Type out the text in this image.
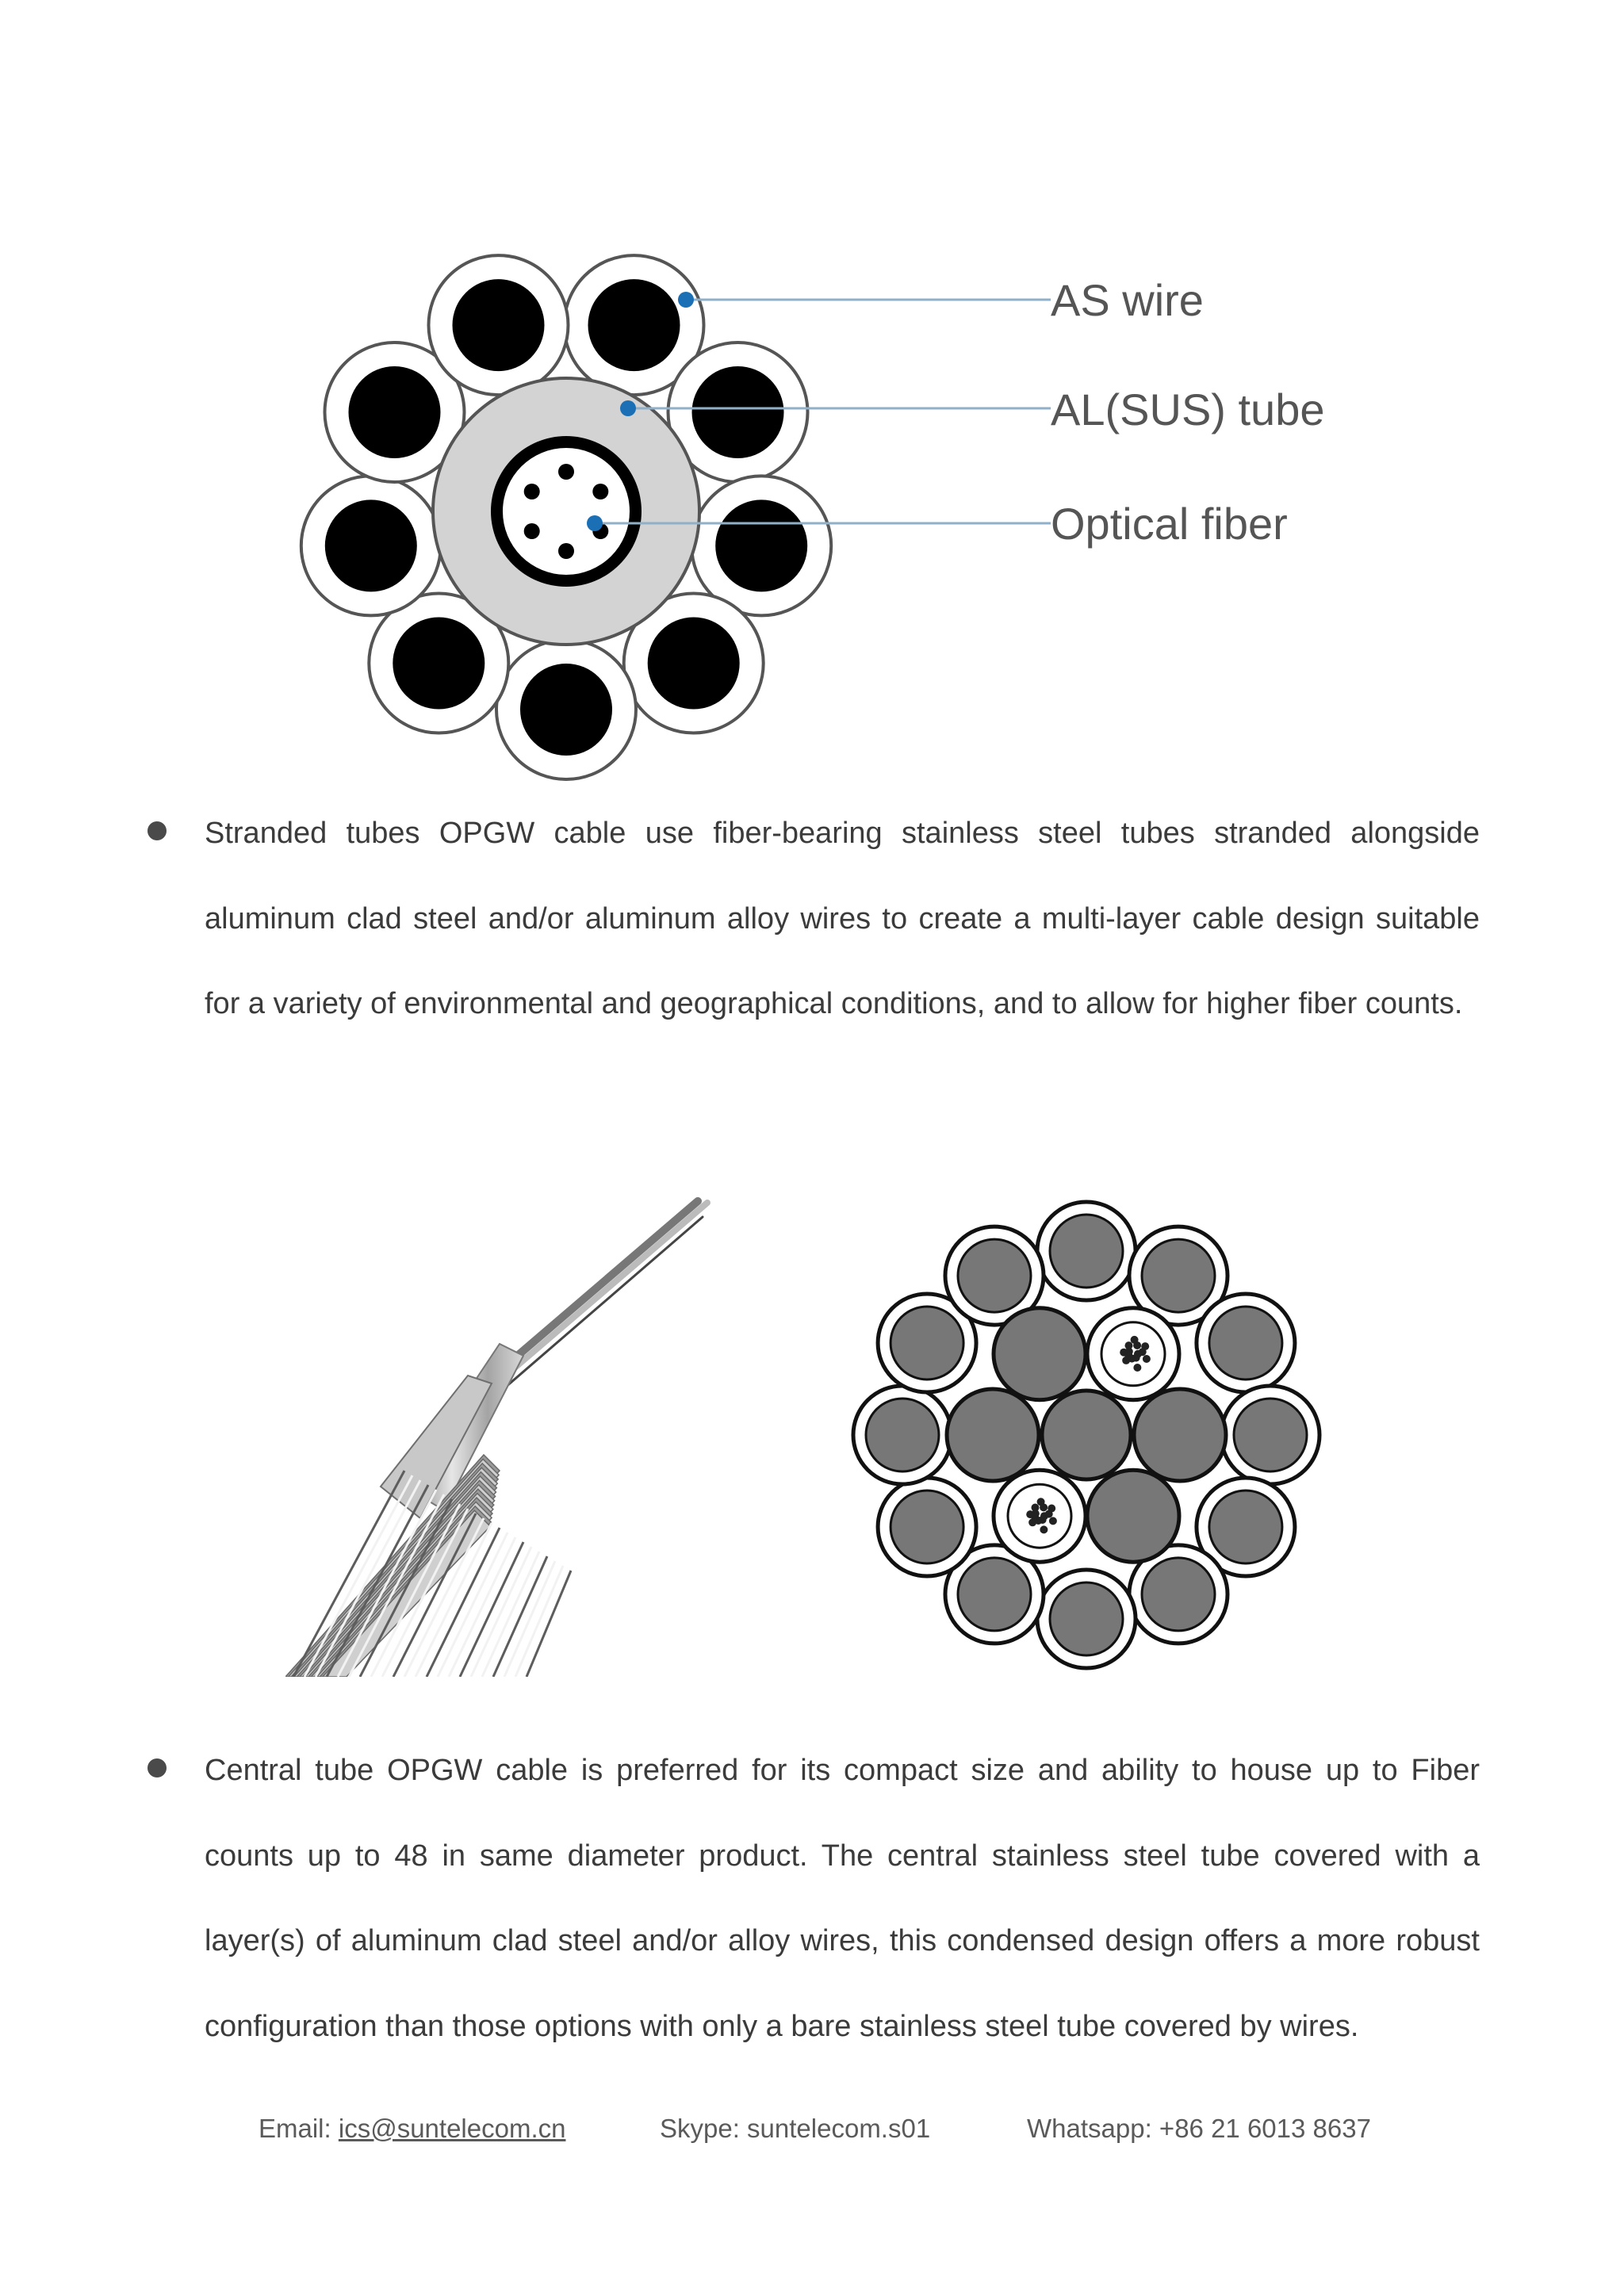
AS wire
AL(SUS) tube
Optical fiber
Stranded tubes OPGW cable use fiber-bearing stainless steel tubes stranded alongside aluminum clad steel and/or aluminum alloy wires to create a multi-layer cable design suitable for a variety of environmental and geographical conditions, and to allow for higher fiber counts.
Central tube OPGW cable is preferred for its compact size and ability to house up to Fiber counts up to 48 in same diameter product. The central stainless steel tube covered with a layer(s) of aluminum clad steel and/or alloy wires, this condensed design offers a more robust configuration than those options with only a bare stainless steel tube covered by wires.
Email: ics@suntelecom.cn	Skype: suntelecom.s01	Whatsapp: +86 21 6013 8637
